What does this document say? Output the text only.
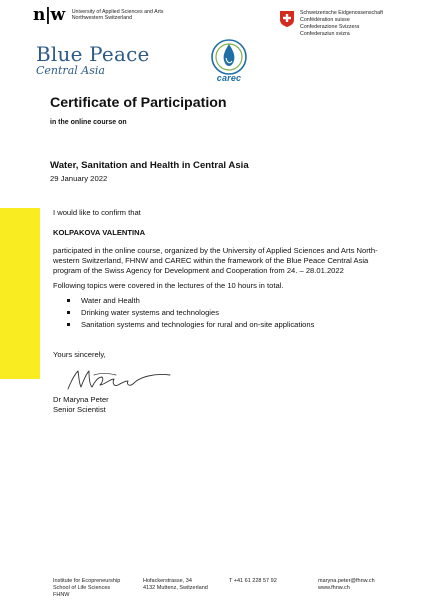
n|w University of Applied Sciences and Arts
Northwestern Switzerland
Schweizerische Eidgenossenschaft
Confédération suisse
Confederazione Svizzera
Confederaziun svizra
Blue Peace
Central Asia
carec
Certificate of Participation
in the online course on
Water, Sanitation and Health in Central Asia
29 January 2022
I would like to confirm that
KOLPAKOVA VALENTINA
participated in the online course, organized by the University of Applied Sciences and Arts North-
western Switzerland, FHNW and CAREC within the framework of the Blue Peace Central Asia
program of the Swiss Agency for Development and Cooperation from 24. – 28.01.2022
Following topics were covered in the lectures of the 10 hours in total.
Water and Health
Drinking water systems and technologies
Sanitation systems and technologies for rural and on-site applications
Yours sincerely,
Dr Maryna Peter
Senior Scientist
Institute for Ecopreneurship
School of Life Sciences
FHNW
Hofackerstrasse, 34
4132 Muttenz, Switzerland
T +41 61 228 57 92	maryna.peter@fhnw.ch
www.fhnw.ch
